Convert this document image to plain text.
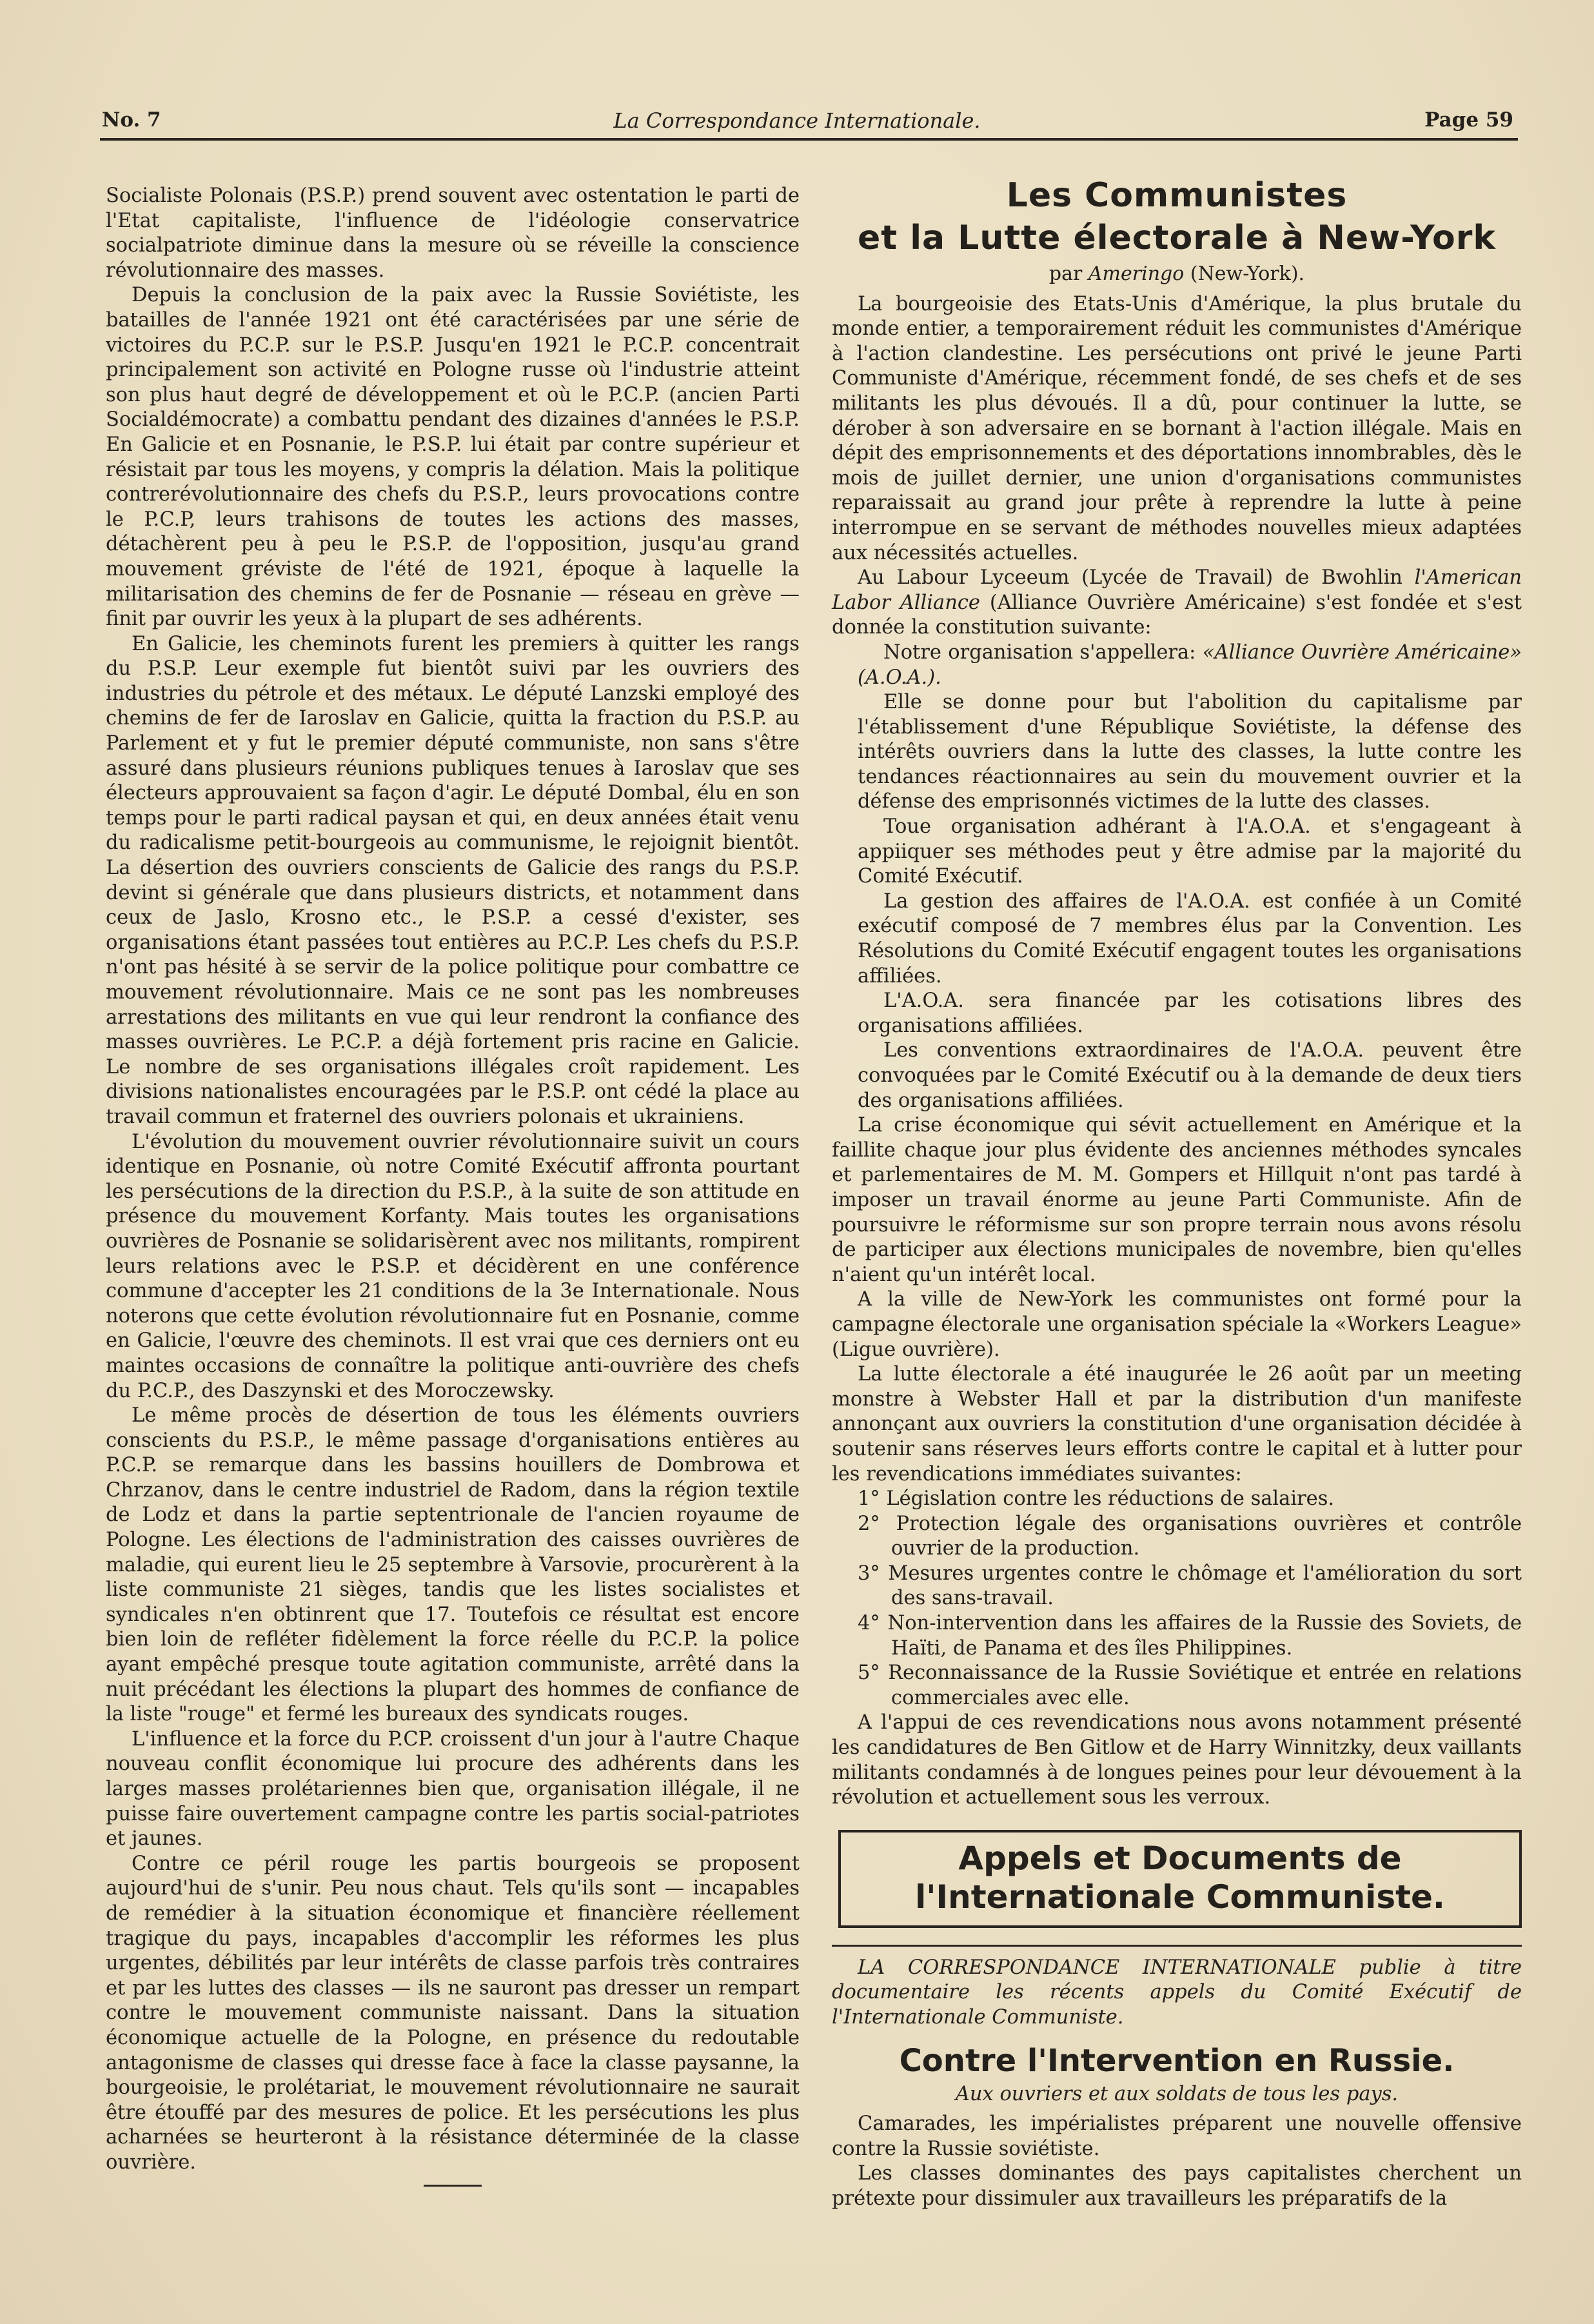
No. 7	La Correspondance Internationale.	Page 59

Socialiste Polonais (P.S.P.) prend souvent avec ostentation le parti de l'Etat capitaliste, l'influence de l'idéologie conservatrice socialpatriote diminue dans la mesure où se réveille la conscience révolutionnaire des masses.

Depuis la conclusion de la paix avec la Russie Soviétiste, les batailles de l'année 1921 ont été caractérisées par une série de victoires du P.C.P. sur le P.S.P. Jusqu'en 1921 le P.C.P. concentrait principalement son activité en Pologne russe où l'industrie atteint son plus haut degré de développement et où le P.C.P. (ancien Parti Socialdémocrate) a combattu pendant des dizaines d'années le P.S.P. En Galicie et en Posnanie, le P.S.P. lui était par contre supérieur et résistait par tous les moyens, y compris la délation. Mais la politique contrerévolutionnaire des chefs du P.S.P., leurs provocations contre le P.C.P, leurs trahisons de toutes les actions des masses, détachèrent peu à peu le P.S.P. de l'opposition, jusqu'au grand mouvement gréviste de l'été de 1921, époque à laquelle la militarisation des chemins de fer de Posnanie — réseau en grève — finit par ouvrir les yeux à la plupart de ses adhérents.

En Galicie, les cheminots furent les premiers à quitter les rangs du P.S.P. Leur exemple fut bientôt suivi par les ouvriers des industries du pétrole et des métaux. Le député Lanzski employé des chemins de fer de Iaroslav en Galicie, quitta la fraction du P.S.P. au Parlement et y fut le premier député communiste, non sans s'être assuré dans plusieurs réunions publiques tenues à Iaroslav que ses électeurs approuvaient sa façon d'agir. Le député Dombal, élu en son temps pour le parti radical paysan et qui, en deux années était venu du radicalisme petit-bourgeois au communisme, le rejoignit bientôt. La désertion des ouvriers conscients de Galicie des rangs du P.S.P. devint si générale que dans plusieurs districts, et notamment dans ceux de Jaslo, Krosno etc., le P.S.P. a cessé d'exister, ses organisations étant passées tout entières au P.C.P. Les chefs du P.S.P. n'ont pas hésité à se servir de la police politique pour combattre ce mouvement révolutionnaire. Mais ce ne sont pas les nombreuses arrestations des militants en vue qui leur rendront la confiance des masses ouvrières. Le P.C.P. a déjà fortement pris racine en Galicie. Le nombre de ses organisations illégales croît rapidement. Les divisions nationalistes encouragées par le P.S.P. ont cédé la place au travail commun et fraternel des ouvriers polonais et ukrainiens.

L'évolution du mouvement ouvrier révolutionnaire suivit un cours identique en Posnanie, où notre Comité Exécutif affronta pourtant les persécutions de la direction du P.S.P., à la suite de son attitude en présence du mouvement Korfanty. Mais toutes les organisations ouvrières de Posnanie se solidarisèrent avec nos militants, rompirent leurs relations avec le P.S.P. et décidèrent en une conférence commune d'accepter les 21 conditions de la 3e Internationale. Nous noterons que cette évolution révolutionnaire fut en Posnanie, comme en Galicie, l'œuvre des cheminots. Il est vrai que ces derniers ont eu maintes occasions de connaître la politique anti-ouvrière des chefs du P.C.P., des Daszynski et des Moroczewsky.

Le même procès de désertion de tous les éléments ouvriers conscients du P.S.P., le même passage d'organisations entières au P.C.P. se remarque dans les bassins houillers de Dombrowa et Chrzanov, dans le centre industriel de Radom, dans la région textile de Lodz et dans la partie septentrionale de l'ancien royaume de Pologne. Les élections de l'administration des caisses ouvrières de maladie, qui eurent lieu le 25 septembre à Varsovie, procurèrent à la liste communiste 21 sièges, tandis que les listes socialistes et syndicales n'en obtinrent que 17. Toutefois ce résultat est encore bien loin de refléter fidèlement la force réelle du P.C.P. la police ayant empêché presque toute agitation communiste, arrêté dans la nuit précédant les élections la plupart des hommes de confiance de la liste "rouge" et fermé les bureaux des syndicats rouges.

L'influence et la force du P.CP. croissent d'un jour à l'autre Chaque nouveau conflit économique lui procure des adhérents dans les larges masses prolétariennes bien que, organisation illégale, il ne puisse faire ouvertement campagne contre les partis social-patriotes et jaunes.

Contre ce péril rouge les partis bourgeois se proposent aujourd'hui de s'unir. Peu nous chaut. Tels qu'ils sont — incapables de remédier à la situation économique et financière réellement tragique du pays, incapables d'accomplir les réformes les plus urgentes, débilités par leur intérêts de classe parfois très contraires et par les luttes des classes — ils ne sauront pas dresser un rempart contre le mouvement communiste naissant. Dans la situation économique actuelle de la Pologne, en présence du redoutable antagonisme de classes qui dresse face à face la classe paysanne, la bourgeoisie, le prolétariat, le mouvement révolutionnaire ne saurait être étouffé par des mesures de police. Et les persécutions les plus acharnées se heurteront à la résistance déterminée de la classe ouvrière.

Les Communistes
et la Lutte électorale à New-York
par Ameringo (New-York).

La bourgeoisie des Etats-Unis d'Amérique, la plus brutale du monde entier, a temporairement réduit les communistes d'Amérique à l'action clandestine. Les persécutions ont privé le jeune Parti Communiste d'Amérique, récemment fondé, de ses chefs et de ses militants les plus dévoués. Il a dû, pour continuer la lutte, se dérober à son adversaire en se bornant à l'action illégale. Mais en dépit des emprisonnements et des déportations innombrables, dès le mois de juillet dernier, une union d'organisations communistes reparaissait au grand jour prête à reprendre la lutte à peine interrompue en se servant de méthodes nouvelles mieux adaptées aux nécessités actuelles.

Au Labour Lyceeum (Lycée de Travail) de Bwohlin l'American Labor Alliance (Alliance Ouvrière Américaine) s'est fondée et s'est donnée la constitution suivante:

Notre organisation s'appellera: «Alliance Ouvrière Américaine» (A.O.A.).

Elle se donne pour but l'abolition du capitalisme par l'établissement d'une République Soviétiste, la défense des intérêts ouvriers dans la lutte des classes, la lutte contre les tendances réactionnaires au sein du mouvement ouvrier et la défense des emprisonnés victimes de la lutte des classes.

Toue organisation adhérant à l'A.O.A. et s'engageant à appiiquer ses méthodes peut y être admise par la majorité du Comité Exécutif.

La gestion des affaires de l'A.O.A. est confiée à un Comité exécutif composé de 7 membres élus par la Convention. Les Résolutions du Comité Exécutif engagent toutes les organisations affiliées.

L'A.O.A. sera financée par les cotisations libres des organisations affiliées.

Les conventions extraordinaires de l'A.O.A. peuvent être convoquées par le Comité Exécutif ou à la demande de deux tiers des organisations affiliées.

La crise économique qui sévit actuellement en Amérique et la faillite chaque jour plus évidente des anciennes méthodes syncales et parlementaires de M. M. Gompers et Hillquit n'ont pas tardé à imposer un travail énorme au jeune Parti Communiste. Afin de poursuivre le réformisme sur son propre terrain nous avons résolu de participer aux élections municipales de novembre, bien qu'elles n'aient qu'un intérêt local.

A la ville de New-York les communistes ont formé pour la campagne électorale une organisation spéciale la «Workers League» (Ligue ouvrière).

La lutte électorale a été inaugurée le 26 août par un meeting monstre à Webster Hall et par la distribution d'un manifeste annonçant aux ouvriers la constitution d'une organisation décidée à soutenir sans réserves leurs efforts contre le capital et à lutter pour les revendications immédiates suivantes:

1° Législation contre les réductions de salaires.
2° Protection légale des organisations ouvrières et contrôle ouvrier de la production.
3° Mesures urgentes contre le chômage et l'amélioration du sort des sans-travail.
4° Non-intervention dans les affaires de la Russie des Soviets, de Haïti, de Panama et des îles Philippines.
5° Reconnaissance de la Russie Soviétique et entrée en relations commerciales avec elle.

A l'appui de ces revendications nous avons notamment présenté les candidatures de Ben Gitlow et de Harry Winnitzky, deux vaillants militants condamnés à de longues peines pour leur dévouement à la révolution et actuellement sous les verroux.

Appels et Documents de
l'Internationale Communiste.

LA CORRESPONDANCE INTERNATIONALE publie à titre documentaire les récents appels du Comité Exécutif de l'Internationale Communiste.

Contre l'Intervention en Russie.
Aux ouvriers et aux soldats de tous les pays.

Camarades, les impérialistes préparent une nouvelle offensive contre la Russie soviétiste.

Les classes dominantes des pays capitalistes cherchent un prétexte pour dissimuler aux travailleurs les préparatifs de la
